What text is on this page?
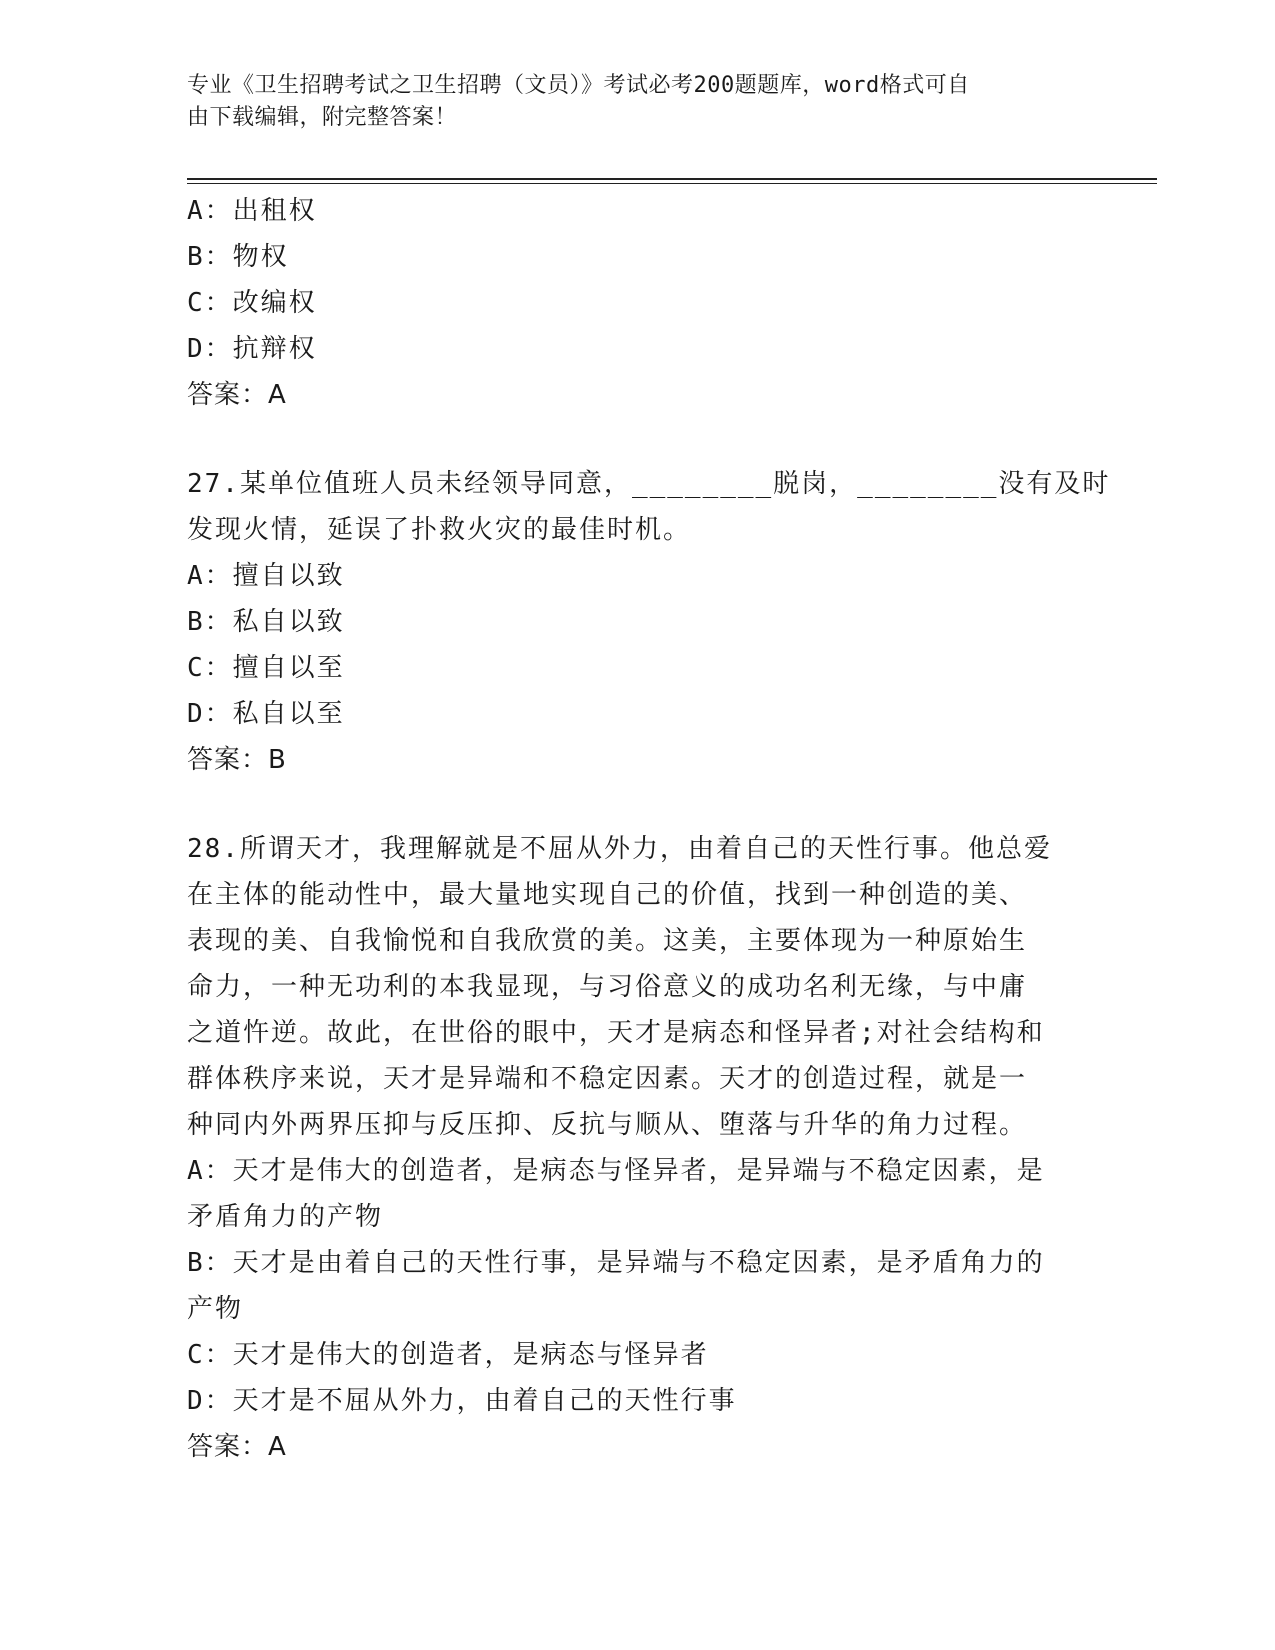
专业《卫生招聘考试之卫生招聘（文员）》考试必考200题题库，word格式可自
由下载编辑，附完整答案！
A：出租权
B：物权
C：改编权
D：抗辩权
答案：A
27.某单位值班人员未经领导同意，________脱岗，________没有及时
发现火情，延误了扑救火灾的最佳时机。
A：擅自以致
B：私自以致
C：擅自以至
D：私自以至
答案：B
28.所谓天才，我理解就是不屈从外力，由着自己的天性行事。他总爱
在主体的能动性中，最大量地实现自己的价值，找到一种创造的美、
表现的美、自我愉悦和自我欣赏的美。这美，主要体现为一种原始生
命力，一种无功利的本我显现，与习俗意义的成功名利无缘，与中庸
之道忤逆。故此，在世俗的眼中，天才是病态和怪异者;对社会结构和
群体秩序来说，天才是异端和不稳定因素。天才的创造过程，就是一
种同内外两界压抑与反压抑、反抗与顺从、堕落与升华的角力过程。
A：天才是伟大的创造者，是病态与怪异者，是异端与不稳定因素，是
矛盾角力的产物
B：天才是由着自己的天性行事，是异端与不稳定因素，是矛盾角力的
产物
C：天才是伟大的创造者，是病态与怪异者
D：天才是不屈从外力，由着自己的天性行事
答案：A
